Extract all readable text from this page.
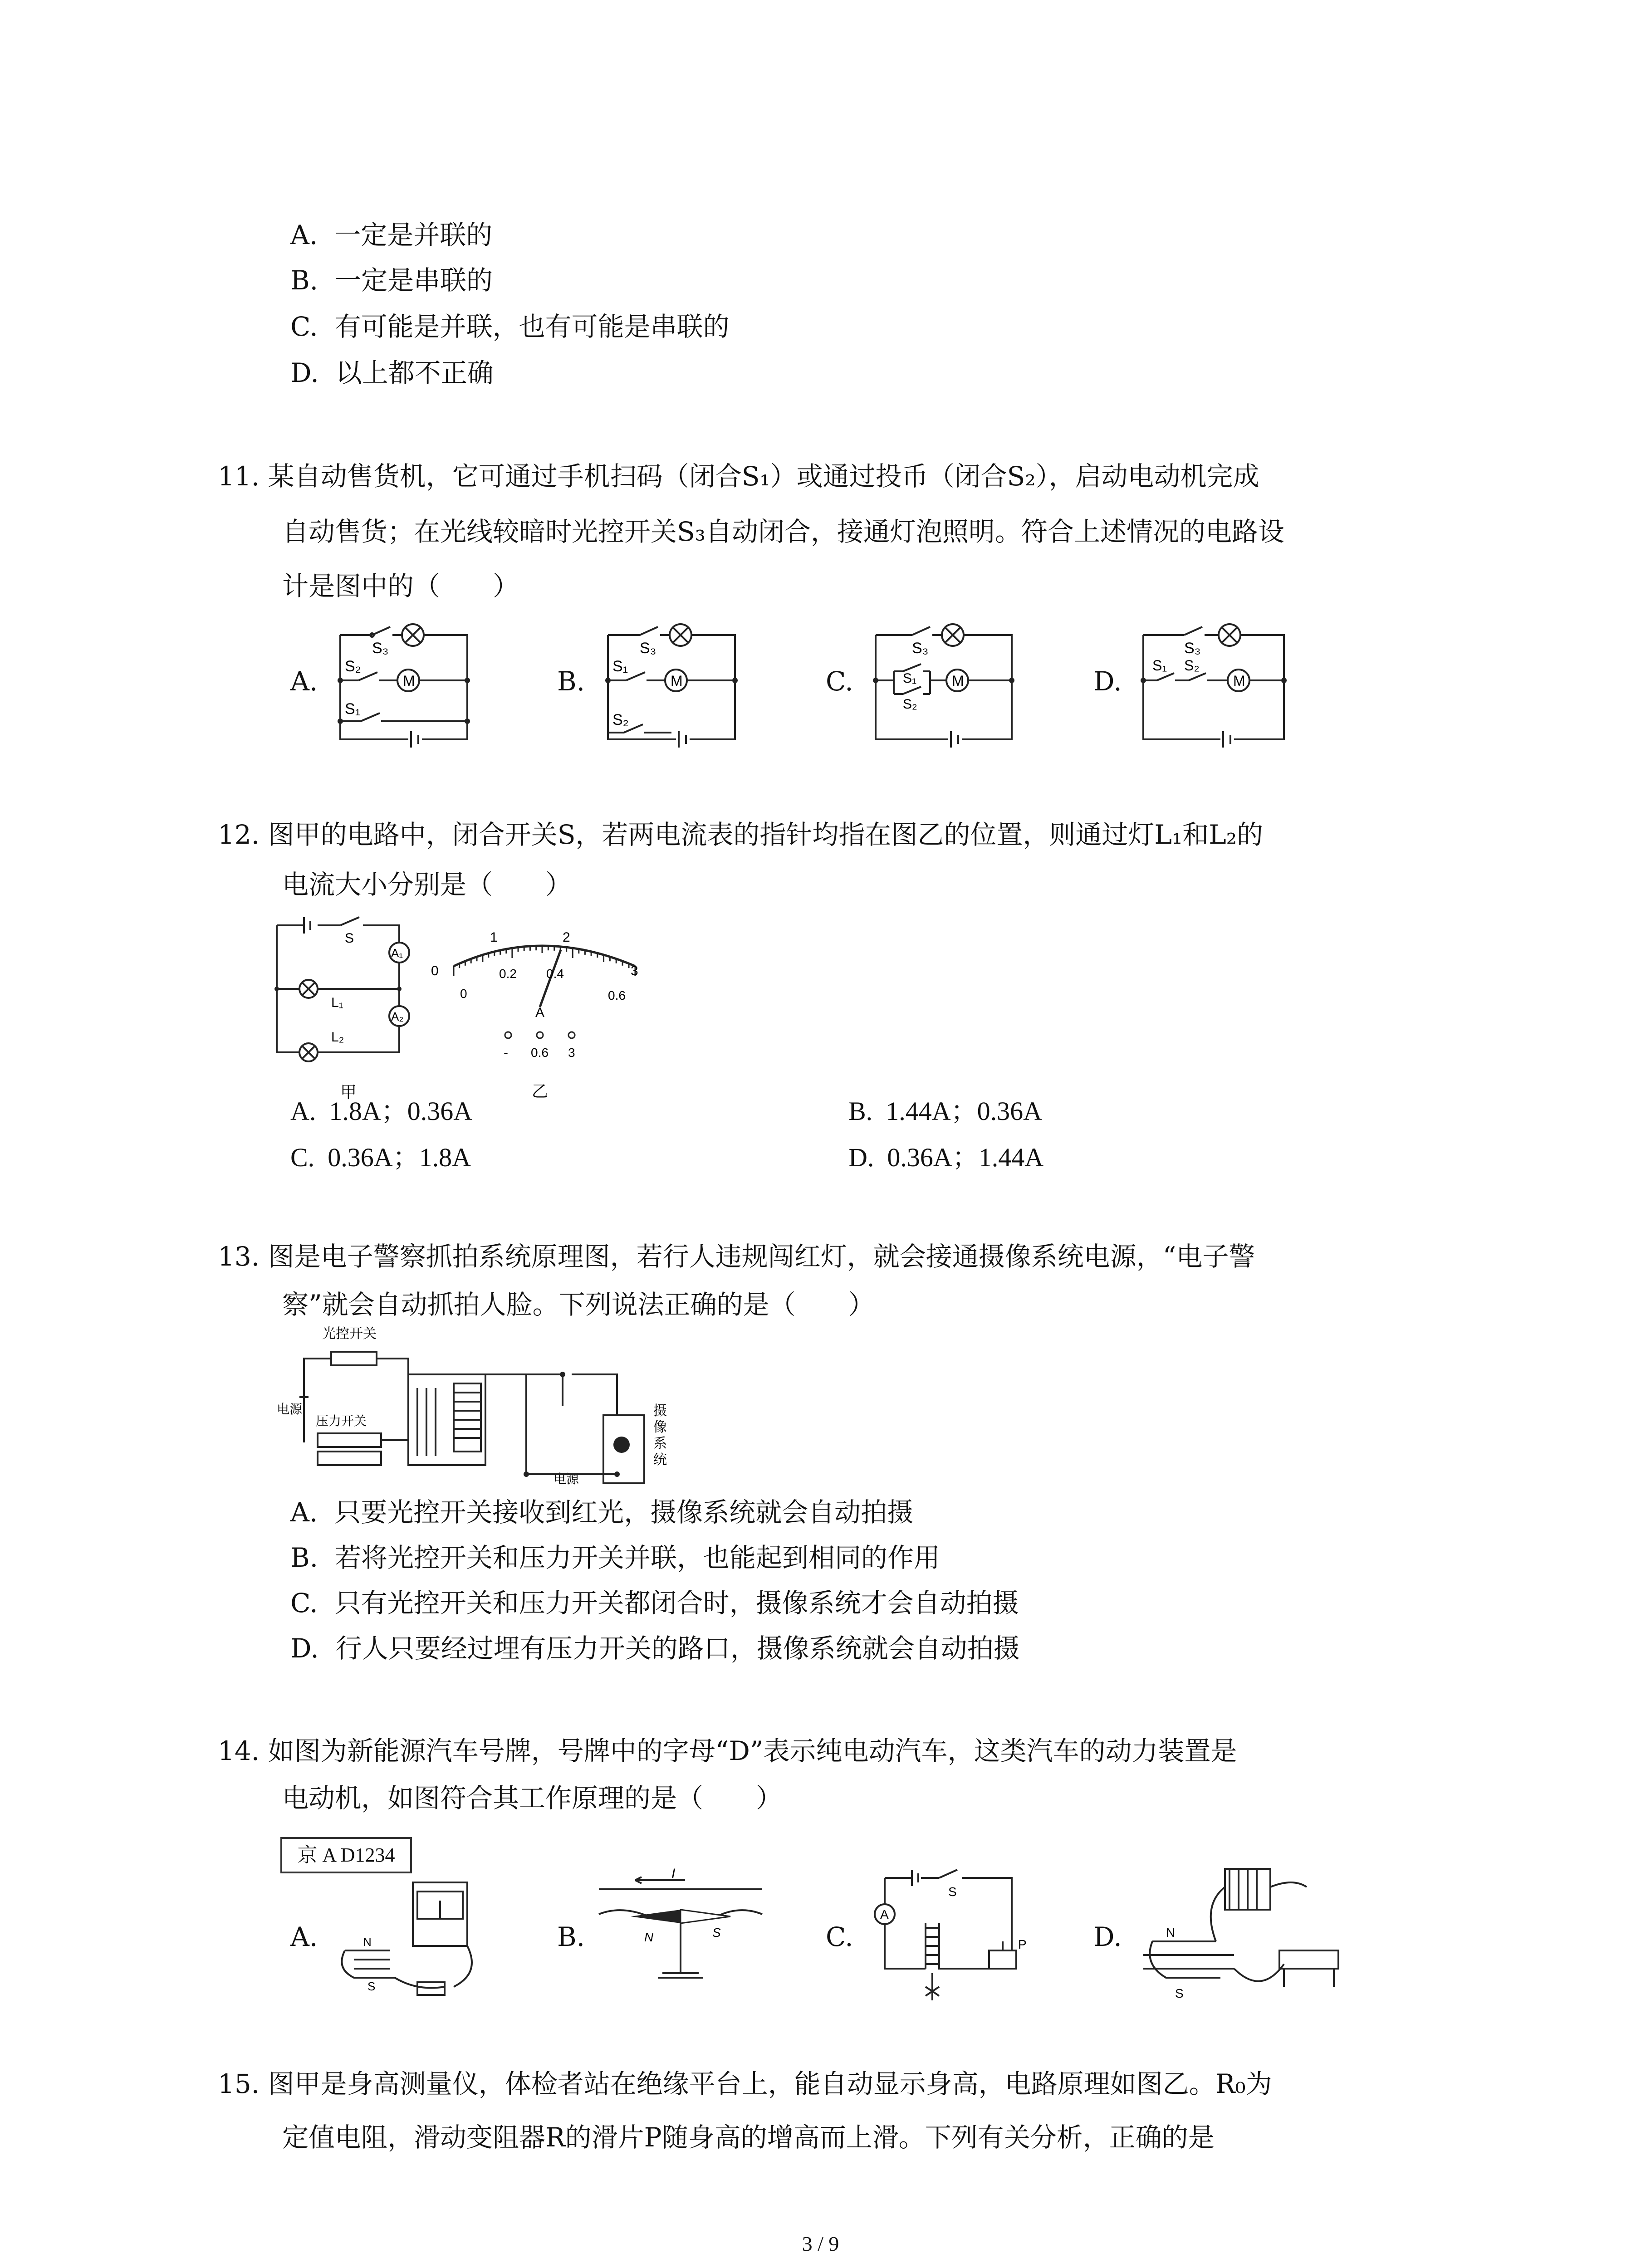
A. 一定是并联的
B. 一定是串联的
C. 有可能是并联，也有可能是串联的
D. 以上都不正确
11. 某自动售货机，它可通过手机扫码（闭合S₁）或通过投币（闭合S₂），启动电动机完成
自动售货；在光线较暗时光控开关S₃自动闭合，接通灯泡照明。符合上述情况的电路设
计是图中的（　　）
A.	B.	C.	D.
S₃
S₂
S₁
M
S₃
S₁
S₂
M
S₃
S₁
S₂
M
S₃
S₁ S₂
M
12. 图甲的电路中，闭合开关S，若两电流表的指针均指在图乙的位置，则通过灯L₁和L₂的
电流大小分别是（　　）
S
A₁
A₂
L₁
L₂
甲
0
1	2
3
0
0.2 0.4
0.6
A
- 0.6 3
乙
A. 1.8A；0.36A	B. 1.44A；0.36A
C. 0.36A；1.8A	D. 0.36A；1.44A
13. 图是电子警察抓拍系统原理图，若行人违规闯红灯，就会接通摄像系统电源，“电子警
察”就会自动抓拍人脸。下列说法正确的是（　　）
光控开关
电源
压力开关
电源
摄
像
系
统
A. 只要光控开关接收到红光，摄像系统就会自动拍摄
B. 若将光控开关和压力开关并联，也能起到相同的作用
C. 只有光控开关和压力开关都闭合时，摄像系统才会自动拍摄
D. 行人只要经过埋有压力开关的路口，摄像系统就会自动拍摄
14. 如图为新能源汽车号牌，号牌中的字母“D”表示纯电动汽车，这类汽车的动力装置是
电动机，如图符合其工作原理的是（　　）
京 A D1234
A.	B.	C.	D.
N
S
I
N	S
S
A
P
N
S
15. 图甲是身高测量仪，体检者站在绝缘平台上，能自动显示身高，电路原理如图乙。R₀为
定值电阻，滑动变阻器R的滑片P随身高的增高而上滑。下列有关分析，正确的是
3 / 9
